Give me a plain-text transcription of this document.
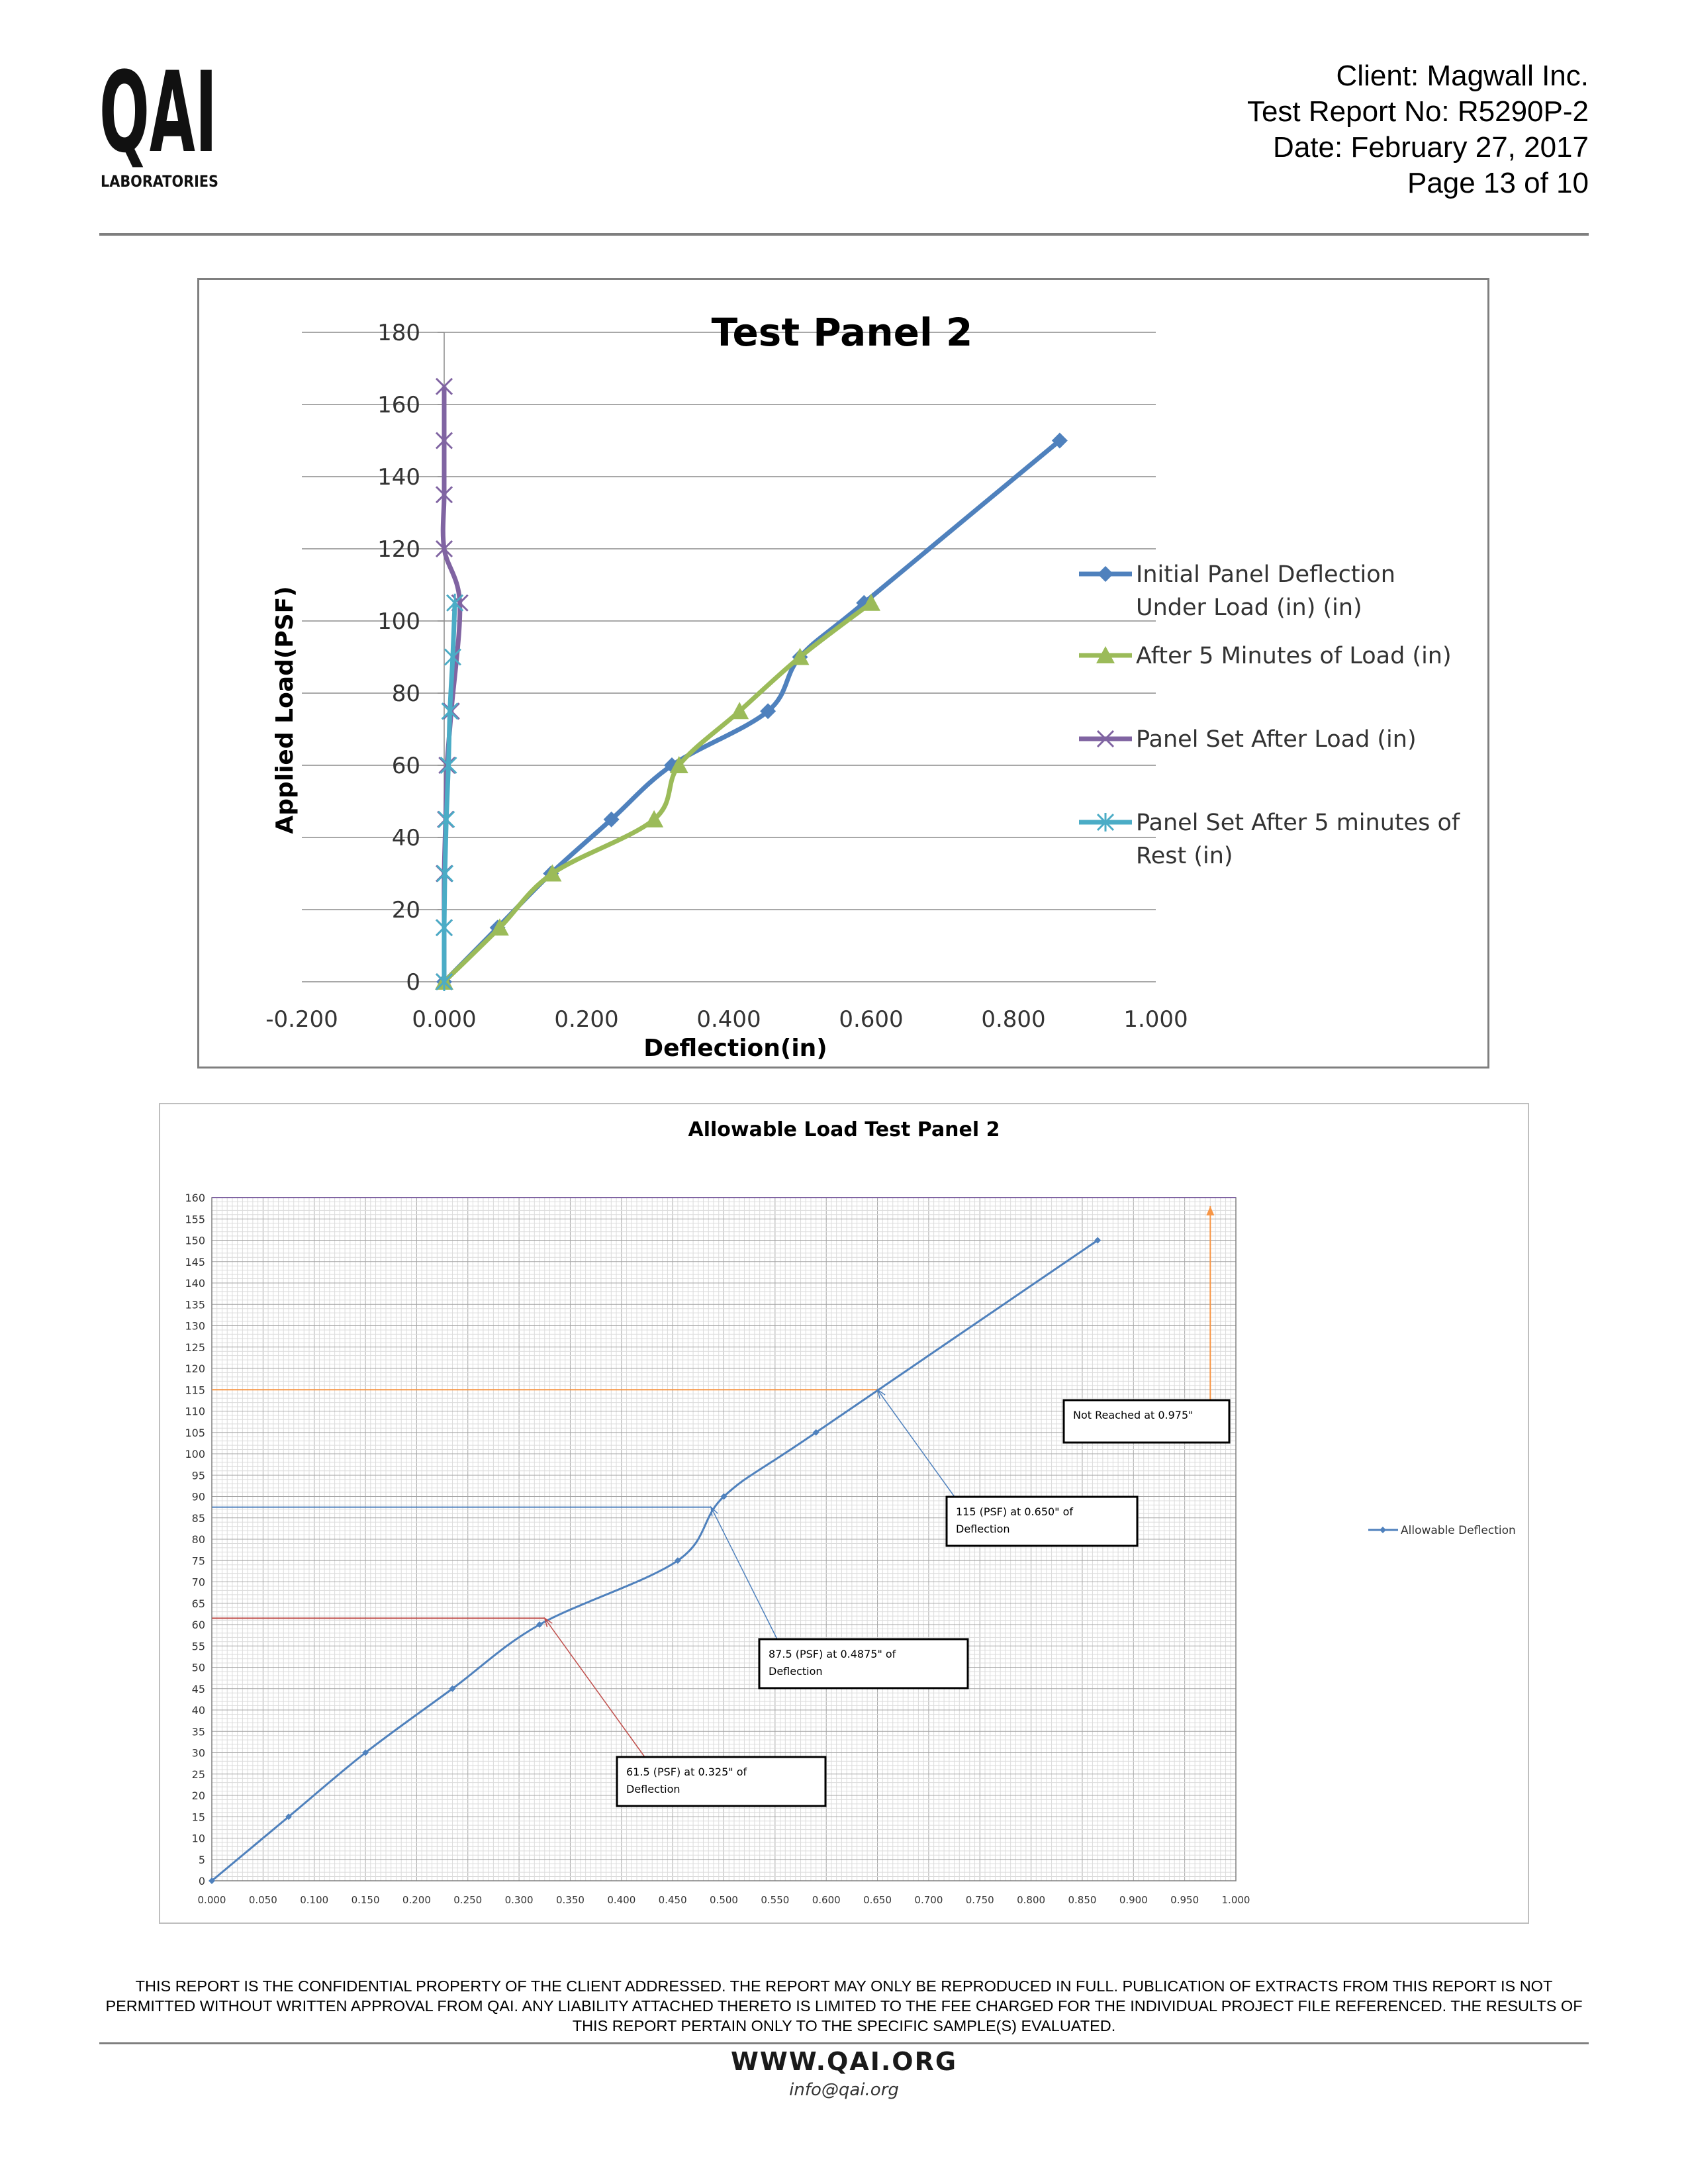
QAI
LABORATORIES
Client: Magwall Inc.
Test Report No: R5290P-2
Date: February 27, 2017
Page 13 of 10
0
20
40
60
80
100
120
140
160
180
-0.200	0.000	0.200	0.400	0.600	0.800	1.000
Test Panel 2
Deflection(in)
Applied Load(PSF)
Initial Panel Deflection Under Load (in) (in)
After 5 Minutes of Load (in)
Panel Set After Load (in)
Panel Set After 5 minutes of Rest (in)
0
5
10
15
20
25
30
35
40
45
50
55
60
65
70
75
80
85
90
95
100
105
110
115
120
125
130
135
140
145
150
155
160
0.000 0.050 0.100 0.150 0.200 0.250 0.300 0.350 0.400 0.450 0.500 0.550 0.600 0.650 0.700 0.750 0.800 0.850 0.900 0.950 1.000
Allowable Load Test Panel 2
Allowable Deflection
61.5 (PSF) at 0.325" of Deflection
87.5 (PSF) at 0.4875" of Deflection
115 (PSF) at 0.650" of Deflection
Not Reached at 0.975"
THIS REPORT IS THE CONFIDENTIAL PROPERTY OF THE CLIENT ADDRESSED. THE REPORT MAY ONLY BE REPRODUCED IN FULL. PUBLICATION OF EXTRACTS FROM THIS REPORT IS NOT PERMITTED WITHOUT WRITTEN APPROVAL FROM QAI. ANY LIABILITY ATTACHED THERETO IS LIMITED TO THE FEE CHARGED FOR THE INDIVIDUAL PROJECT FILE REFERENCED. THE RESULTS OF THIS REPORT PERTAIN ONLY TO THE SPECIFIC SAMPLE(S) EVALUATED.
WWW.QAI.ORG
info@qai.org
